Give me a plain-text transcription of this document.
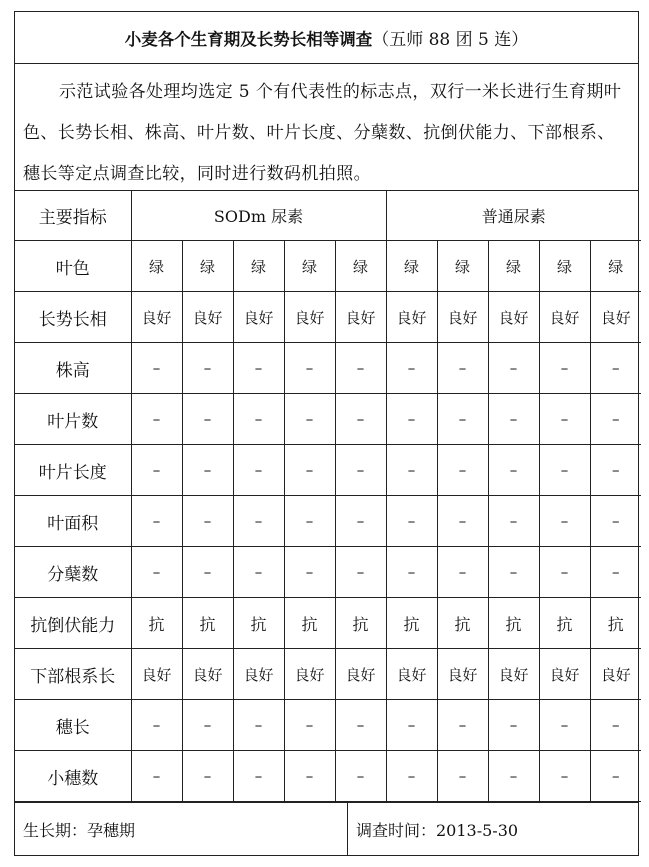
小麦各个生育期及长势长相等调查 （五师 88 团 5 连）
示范试验各处理均选定 5 个有代表性的标志点，双行一米长进行生育期叶色、长势长相、株高、叶片数、叶片长度、分蘖数、抗倒伏能力、下部根系、穗长等定点调查比较，同时进行数码机拍照。
主要指标	SODm 尿素					普通尿素				
叶色	绿	绿	绿	绿	绿	绿	绿	绿	绿	绿
长势长相	良好	良好	良好	良好	良好	良好	良好	良好	良好	良好
株高	–	–	–	–	–	–	–	–	–	–
叶片数	–	–	–	–	–	–	–	–	–	–
叶片长度	–	–	–	–	–	–	–	–	–	–
叶面积	–	–	–	–	–	–	–	–	–	–
分蘖数	–	–	–	–	–	–	–	–	–	–
抗倒伏能力	抗	抗	抗	抗	抗	抗	抗	抗	抗	抗
下部根系长	良好	良好	良好	良好	良好	良好	良好	良好	良好	良好
穗长	–	–	–	–	–	–	–	–	–	–
小穗数	–	–	–	–	–	–	–	–	–	–
生长期：孕穗期	调查时间：2013-5-30
